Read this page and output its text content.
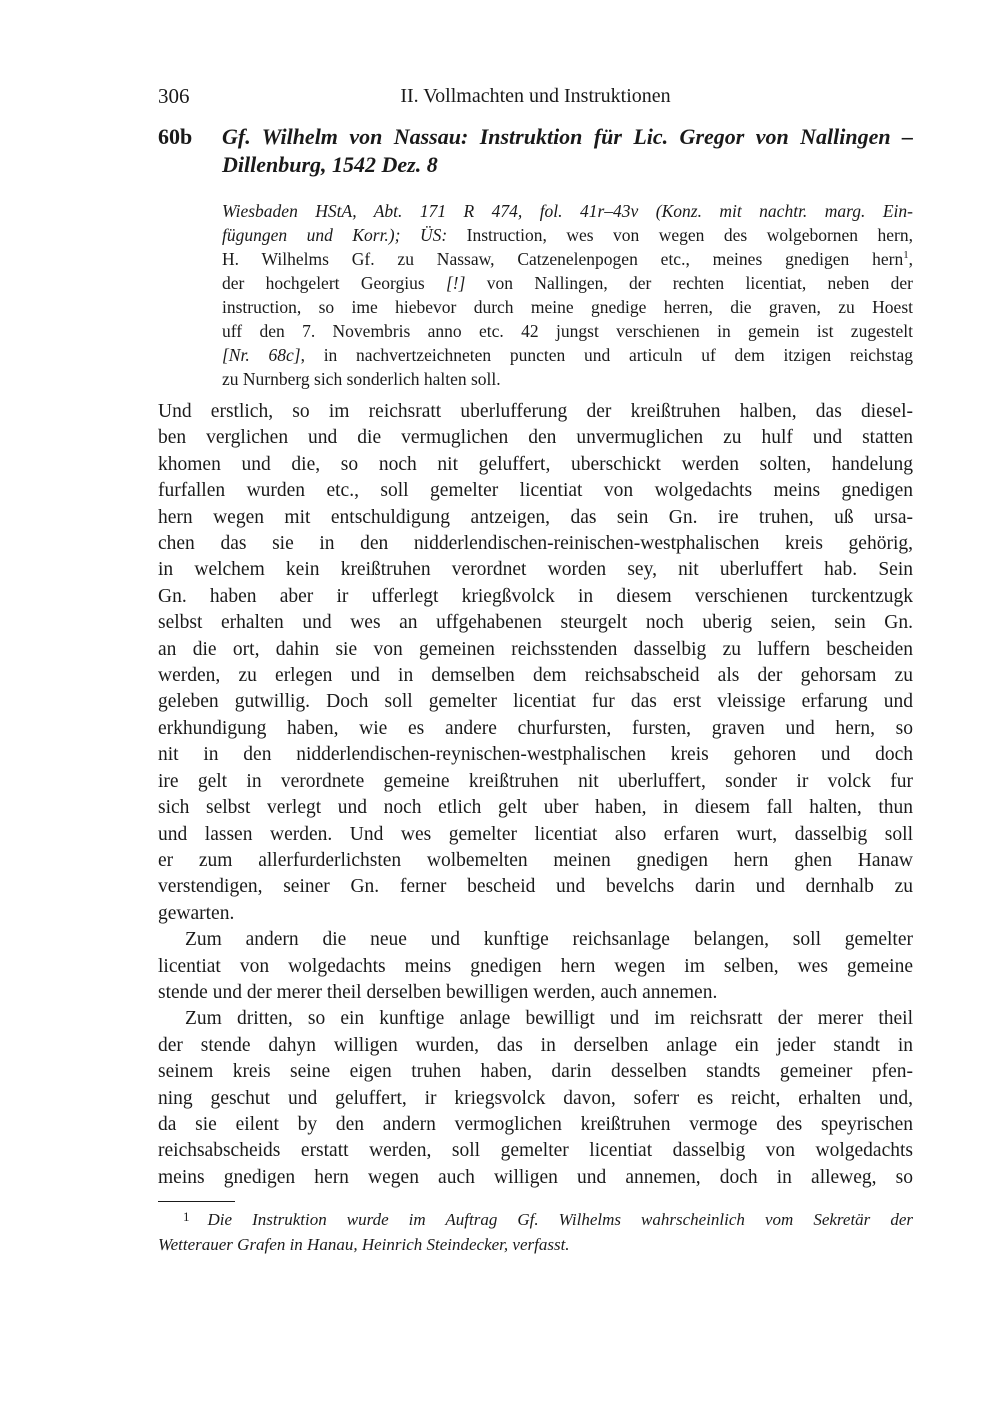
306	II. Vollmachten und Instruktionen
60b	Gf. Wilhelm von Nassau: Instruktion für Lic. Gregor von Nallingen –
Dillenburg, 1542 Dez. 8
Wiesbaden HStA, Abt. 171 R 474, fol. 41r–43v (Konz. mit nachtr. marg. Ein-
fügungen und Korr.); ÜS: Instruction, wes von wegen des wolgebornen hern,
H. Wilhelms Gf. zu Nassaw, Catzenelenpogen etc., meines gnedigen hern$^1$,
der hochgelert Georgius [!] von Nallingen, der rechten licentiat, neben der
instruction, so ime hiebevor durch meine gnedige herren, die graven, zu Hoest
uff den 7. Novembris anno etc. 42 jungst verschienen in gemein ist zugestelt
[Nr. 68c], in nachvertzeichneten puncten und articuln uf dem itzigen reichstag
zu Nurnberg sich sonderlich halten soll.
Und erstlich, so im reichsratt uberlufferung der kreißtruhen halben, das diesel-
ben verglichen und die vermuglichen den unvermuglichen zu hulf und statten
khomen und die, so noch nit geluffert, uberschickt werden solten, handelung
furfallen wurden etc., soll gemelter licentiat von wolgedachts meins gnedigen
hern wegen mit entschuldigung antzeigen, das sein Gn. ire truhen, uß ursa-
chen das sie in den nidderlendischen-reinischen-westphalischen kreis gehörig,
in welchem kein kreißtruhen verordnet worden sey, nit uberluffert hab. Sein
Gn. haben aber ir ufferlegt kriegßvolck in diesem verschienen turckentzugk
selbst erhalten und wes an uffgehabenen steurgelt noch uberig seien, sein Gn.
an die ort, dahin sie von gemeinen reichsstenden dasselbig zu luffern bescheiden
werden, zu erlegen und in demselben dem reichsabscheid als der gehorsam zu
geleben gutwillig. Doch soll gemelter licentiat fur das erst vleissige erfarung und
erkhundigung haben, wie es andere churfursten, fursten, graven und hern, so
nit in den nidderlendischen-reynischen-westphalischen kreis gehoren und doch
ire gelt in verordnete gemeine kreißtruhen nit uberluffert, sonder ir volck fur
sich selbst verlegt und noch etlich gelt uber haben, in diesem fall halten, thun
und lassen werden. Und wes gemelter licentiat also erfaren wurt, dasselbig soll
er zum allerfurderlichsten wolbemelten meinen gnedigen hern ghen Hanaw
verstendigen, seiner Gn. ferner bescheid und bevelchs darin und dernhalb zu
gewarten.
Zum andern die neue und kunftige reichsanlage belangen, soll gemelter
licentiat von wolgedachts meins gnedigen hern wegen im selben, wes gemeine
stende und der merer theil derselben bewilligen werden, auch annemen.
Zum dritten, so ein kunftige anlage bewilligt und im reichsratt der merer theil
der stende dahyn willigen wurden, das in derselben anlage ein jeder standt in
seinem kreis seine eigen truhen haben, darin desselben standts gemeiner pfen-
ning geschut und geluffert, ir kriegsvolck davon, soferr es reicht, erhalten und,
da sie eilent by den andern vermoglichen kreißtruhen vermoge des speyrischen
reichsabscheids erstatt werden, soll gemelter licentiat dasselbig von wolgedachts
meins gnedigen hern wegen auch willigen und annemen, doch in alleweg, so
$^1$ Die Instruktion wurde im Auftrag Gf. Wilhelms wahrscheinlich vom Sekretär der
Wetterauer Grafen in Hanau, Heinrich Steindecker, verfasst.
